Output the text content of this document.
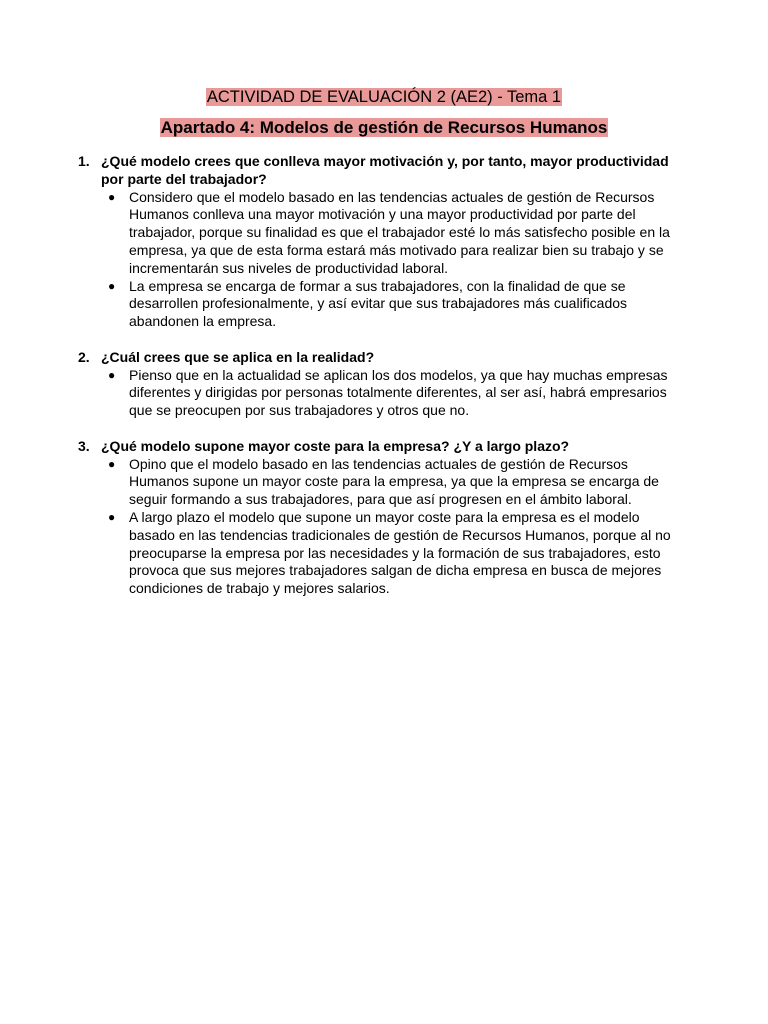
ACTIVIDAD DE EVALUACIÓN 2 (AE2) - Tema 1
Apartado 4: Modelos de gestión de Recursos Humanos
1. ¿Qué modelo crees que conlleva mayor motivación y, por tanto, mayor productividad por parte del trabajador?
● Considero que el modelo basado en las tendencias actuales de gestión de Recursos Humanos conlleva una mayor motivación y una mayor productividad por parte del trabajador, porque su finalidad es que el trabajador esté lo más satisfecho posible en la empresa, ya que de esta forma estará más motivado para realizar bien su trabajo y se incrementarán sus niveles de productividad laboral.
● La empresa se encarga de formar a sus trabajadores, con la finalidad de que se desarrollen profesionalmente, y así evitar que sus trabajadores más cualificados abandonen la empresa.
2. ¿Cuál crees que se aplica en la realidad?
● Pienso que en la actualidad se aplican los dos modelos, ya que hay muchas empresas diferentes y dirigidas por personas totalmente diferentes, al ser así, habrá empresarios que se preocupen por sus trabajadores y otros que no.
3. ¿Qué modelo supone mayor coste para la empresa? ¿Y a largo plazo?
● Opino que el modelo basado en las tendencias actuales de gestión de Recursos Humanos supone un mayor coste para la empresa, ya que la empresa se encarga de seguir formando a sus trabajadores, para que así progresen en el ámbito laboral.
● A largo plazo el modelo que supone un mayor coste para la empresa es el modelo basado en las tendencias tradicionales de gestión de Recursos Humanos, porque al no preocuparse la empresa por las necesidades y la formación de sus trabajadores, esto provoca que sus mejores trabajadores salgan de dicha empresa en busca de mejores condiciones de trabajo y mejores salarios.
